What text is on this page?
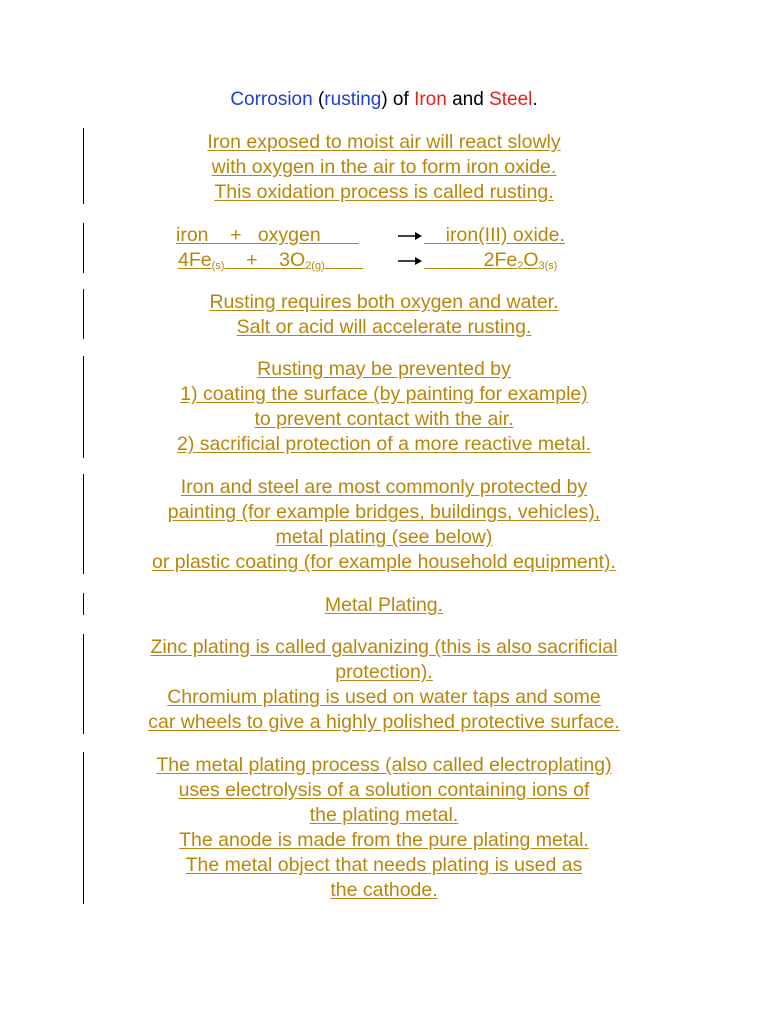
Corrosion (rusting) of Iron and Steel.
Iron exposed to moist air will react slowly
with oxygen in the air to form iron oxide.
This oxidation process is called rusting.
iron    +   oxygen → iron(III) oxide.
$4Fe_{(s)}$    +    $3O_{2(g)}$	→ $2Fe_2O_{3(s)}$
Rusting requires both oxygen and water.
Salt or acid will accelerate rusting.
Rusting may be prevented by
1) coating the surface (by painting for example)
to prevent contact with the air.
2) sacrificial protection of a more reactive metal.
Iron and steel are most commonly protected by
painting (for example bridges, buildings, vehicles),
metal plating (see below)
or plastic coating (for example household equipment).
Metal Plating.
Zinc plating is called galvanizing (this is also sacrificial
protection).
Chromium plating is used on water taps and some
car wheels to give a highly polished protective surface.
The metal plating process (also called electroplating)
uses electrolysis of a solution containing ions of
the plating metal.
The anode is made from the pure plating metal.
The metal object that needs plating is used as
the cathode.
